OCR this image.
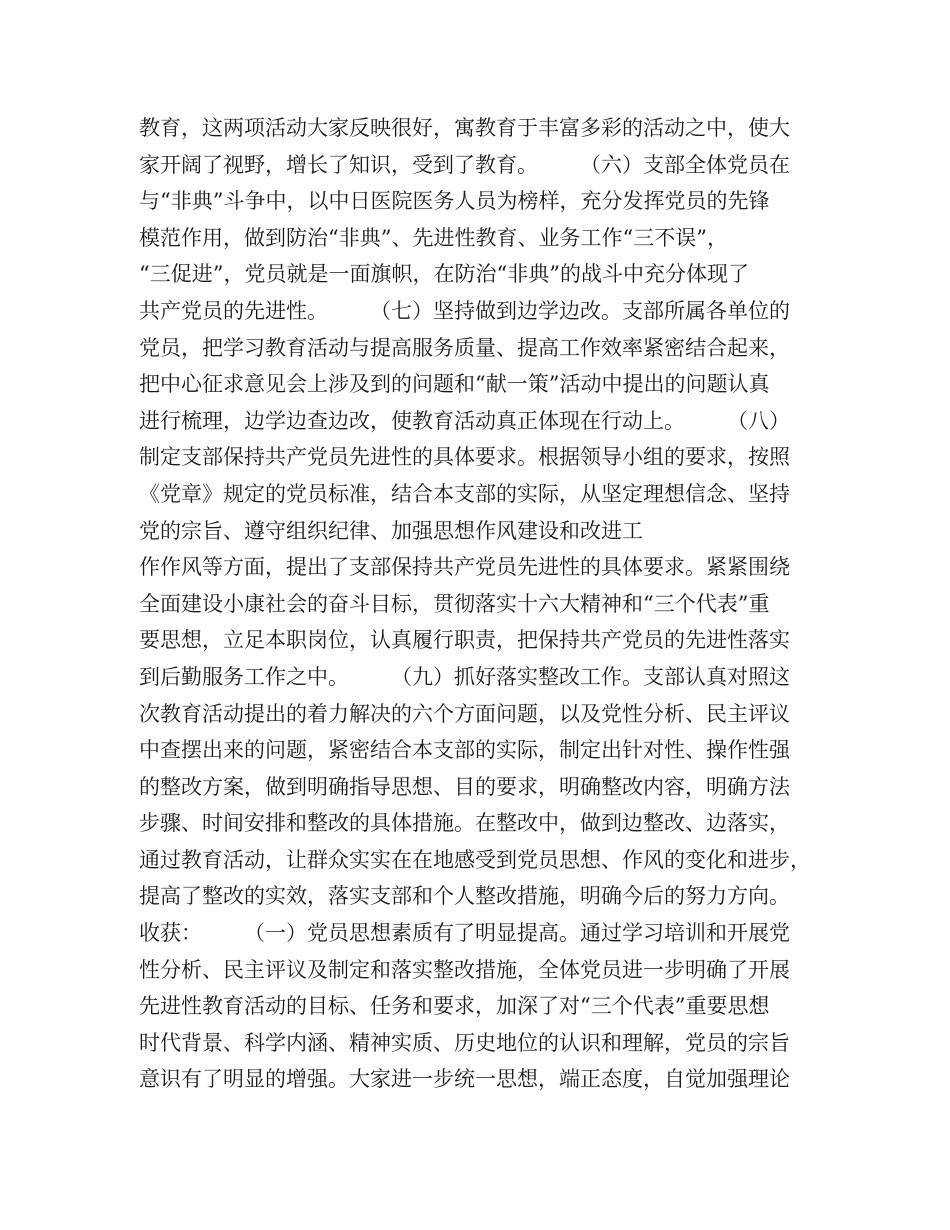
教育，这两项活动大家反映很好，寓教育于丰富多彩的活动之中，使大
家开阔了视野，增长了知识，受到了教育。　　　（六）支部全体党员在
与“非典”斗争中，以中日医院医务人员为榜样，充分发挥党员的先锋
模范作用，做到防治“非典”、先进性教育、业务工作“三不误”，
“三促进”，党员就是一面旗帜，在防治“非典”的战斗中充分体现了
共产党员的先进性。　　　（七）坚持做到边学边改。支部所属各单位的
党员，把学习教育活动与提高服务质量、提高工作效率紧密结合起来，
把中心征求意见会上涉及到的问题和“献一策”活动中提出的问题认真
进行梳理，边学边查边改，使教育活动真正体现在行动上。　　　（八）
制定支部保持共产党员先进性的具体要求。根据领导小组的要求，按照
《党章》规定的党员标准，结合本支部的实际，从坚定理想信念、坚持
党的宗旨、遵守组织纪律、加强思想作风建设和改进工
作作风等方面，提出了支部保持共产党员先进性的具体要求。紧紧围绕
全面建设小康社会的奋斗目标，贯彻落实十六大精神和“三个代表”重
要思想，立足本职岗位，认真履行职责，把保持共产党员的先进性落实
到后勤服务工作之中。　　　（九）抓好落实整改工作。支部认真对照这
次教育活动提出的着力解决的六个方面问题，以及党性分析、民主评议
中查摆出来的问题，紧密结合本支部的实际，制定出针对性、操作性强
的整改方案，做到明确指导思想、目的要求，明确整改内容，明确方法
步骤、时间安排和整改的具体措施。在整改中，做到边整改、边落实，
通过教育活动，让群众实实在在地感受到党员思想、作风的变化和进步，
提高了整改的实效，落实支部和个人整改措施，明确今后的努力方向。
收获：　　　（一）党员思想素质有了明显提高。通过学习培训和开展党
性分析、民主评议及制定和落实整改措施，全体党员进一步明确了开展
先进性教育活动的目标、任务和要求，加深了对“三个代表”重要思想
时代背景、科学内涵、精神实质、历史地位的认识和理解，党员的宗旨
意识有了明显的增强。大家进一步统一思想，端正态度，自觉加强理论
